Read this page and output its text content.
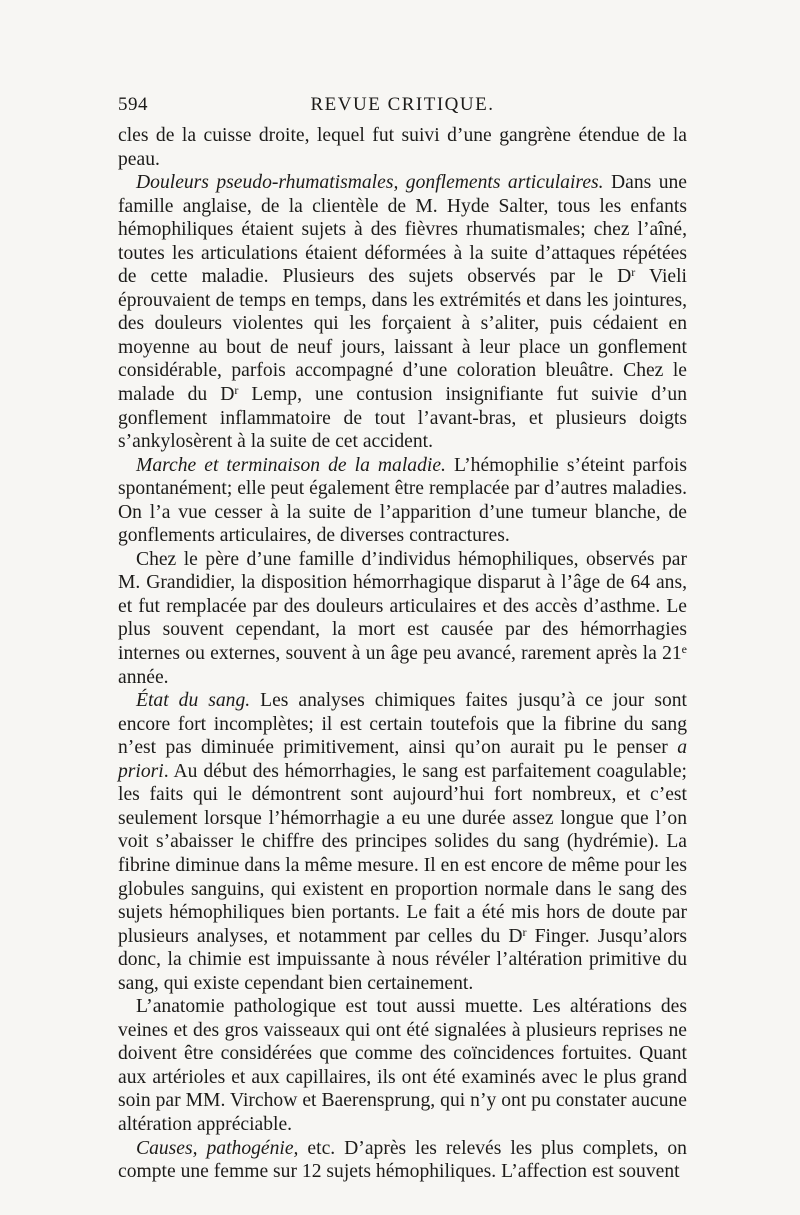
594	REVUE CRITIQUE.

cles de la cuisse droite, lequel fut suivi d’une gangrène étendue de la peau.

Douleurs pseudo-rhumatismales, gonflements articulaires. Dans une famille anglaise, de la clientèle de M. Hyde Salter, tous les enfants hémophiliques étaient sujets à des fièvres rhumatismales; chez l’aîné, toutes les articulations étaient déformées à la suite d’attaques répétées de cette maladie. Plusieurs des sujets observés par le $D^r$ Vieli éprouvaient de temps en temps, dans les extrémités et dans les jointures, des douleurs violentes qui les forçaient à s’aliter, puis cédaient en moyenne au bout de neuf jours, laissant à leur place un gonflement considérable, parfois accompagné d’une coloration bleuâtre. Chez le malade du $D^r$ Lemp, une contusion insignifiante fut suivie d’un gonflement inflammatoire de tout l’avant-bras, et plusieurs doigts s’ankylosèrent à la suite de cet accident.

Marche et terminaison de la maladie. L’hémophilie s’éteint parfois spontanément; elle peut également être remplacée par d’autres maladies. On l’a vue cesser à la suite de l’apparition d’une tumeur blanche, de gonflements articulaires, de diverses contractures.

Chez le père d’une famille d’individus hémophiliques, observés par M. Grandidier, la disposition hémorrhagique disparut à l’âge de 64 ans, et fut remplacée par des douleurs articulaires et des accès d’asthme. Le plus souvent cependant, la mort est causée par des hémorrhagies internes ou externes, souvent à un âge peu avancé, rarement après la 21e année.

État du sang. Les analyses chimiques faites jusqu’à ce jour sont encore fort incomplètes; il est certain toutefois que la fibrine du sang n’est pas diminuée primitivement, ainsi qu’on aurait pu le penser a priori. Au début des hémorrhagies, le sang est parfaitement coagulable; les faits qui le démontrent sont aujourd’hui fort nombreux, et c’est seulement lorsque l’hémorrhagie a eu une durée assez longue que l’on voit s’abaisser le chiffre des principes solides du sang (hydrémie). La fibrine diminue dans la même mesure. Il en est encore de même pour les globules sanguins, qui existent en proportion normale dans le sang des sujets hémophiliques bien portants. Le fait a été mis hors de doute par plusieurs analyses, et notamment par celles du $D^r$ Finger. Jusqu’alors donc, la chimie est impuissante à nous révéler l’altération primitive du sang, qui existe cependant bien certainement.

L’anatomie pathologique est tout aussi muette. Les altérations des veines et des gros vaisseaux qui ont été signalées à plusieurs reprises ne doivent être considérées que comme des coïncidences fortuites. Quant aux artérioles et aux capillaires, ils ont été examinés avec le plus grand soin par MM. Virchow et Baerensprung, qui n’y ont pu constater aucune altération appréciable.

Causes, pathogénie, etc. D’après les relevés les plus complets, on compte une femme sur 12 sujets hémophiliques. L’affection est souvent
